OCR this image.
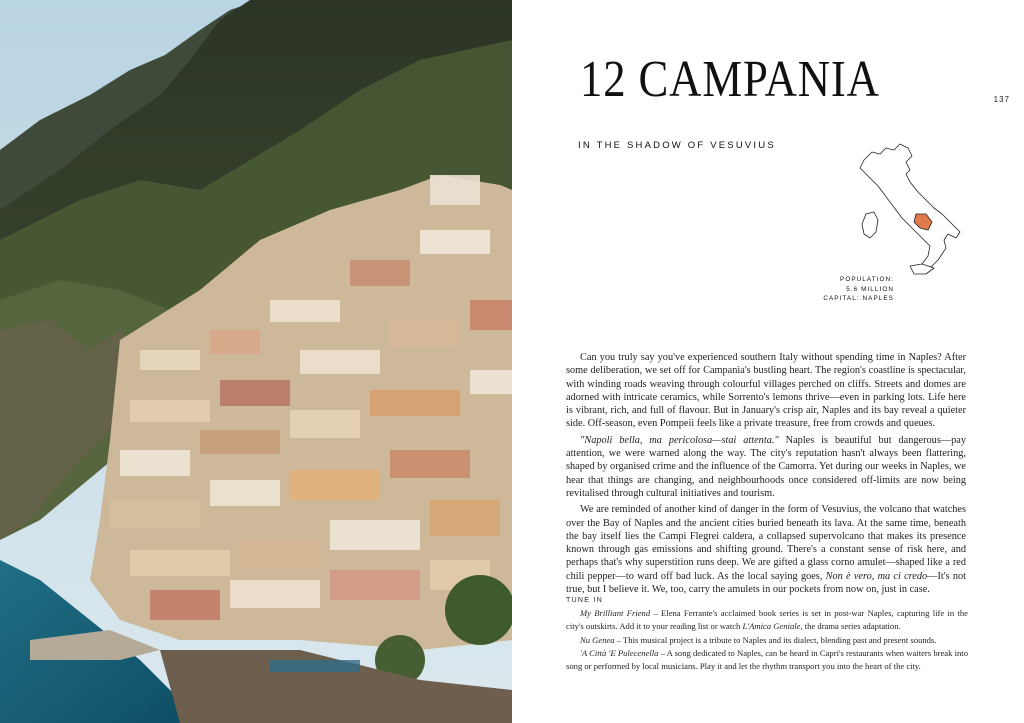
12 CAMPANIA	137
IN THE SHADOW OF VESUVIUS
POPULATION:
5.6 MILLION
CAPITAL: NAPLES

Can you truly say you've experienced southern Italy without spending time in Naples? After some deliberation, we set off for Campania's bustling heart. The region's coastline is spectacular, with winding roads weaving through colourful villages perched on cliffs. Streets and domes are adorned with intricate ceramics, while Sorrento's lemons thrive—even in parking lots. Life here is vibrant, rich, and full of flavour. But in January's crisp air, Naples and its bay reveal a quieter side. Off-season, even Pompeii feels like a private treasure, free from crowds and queues.

"Napoli bella, ma pericolosa—stai attenta." Naples is beautiful but dangerous—pay attention, we were warned along the way. The city's reputation hasn't always been flattering, shaped by organised crime and the influence of the Camorra. Yet during our weeks in Naples, we hear that things are changing, and neighbourhoods once considered off-limits are now being revitalised through cultural initiatives and tourism.

We are reminded of another kind of danger in the form of Vesuvius, the volcano that watches over the Bay of Naples and the ancient cities buried beneath its lava. At the same time, beneath the bay itself lies the Campi Flegrei caldera, a collapsed supervolcano that makes its presence known through gas emissions and shifting ground. There's a constant sense of risk here, and perhaps that's why superstition runs deep. We are gifted a glass corno amulet—shaped like a red chili pepper—to ward off bad luck. As the local saying goes, Non è vero, ma ci credo—It's not true, but I believe it. We, too, carry the amulets in our pockets from now on, just in case.

TUNE IN

My Brilliant Friend – Elena Ferrante's acclaimed book series is set in post-war Naples, capturing life in the city's outskirts. Add it to your reading list or watch L'Amica Geniale, the drama series adaptation.

Nu Genea – This musical project is a tribute to Naples and its dialect, blending past and present sounds.

'A Città 'E Pulecenella – A song dedicated to Naples, can be heard in Capri's restaurants when waiters break into song or performed by local musicians. Play it and let the rhythm transport you into the heart of the city.
